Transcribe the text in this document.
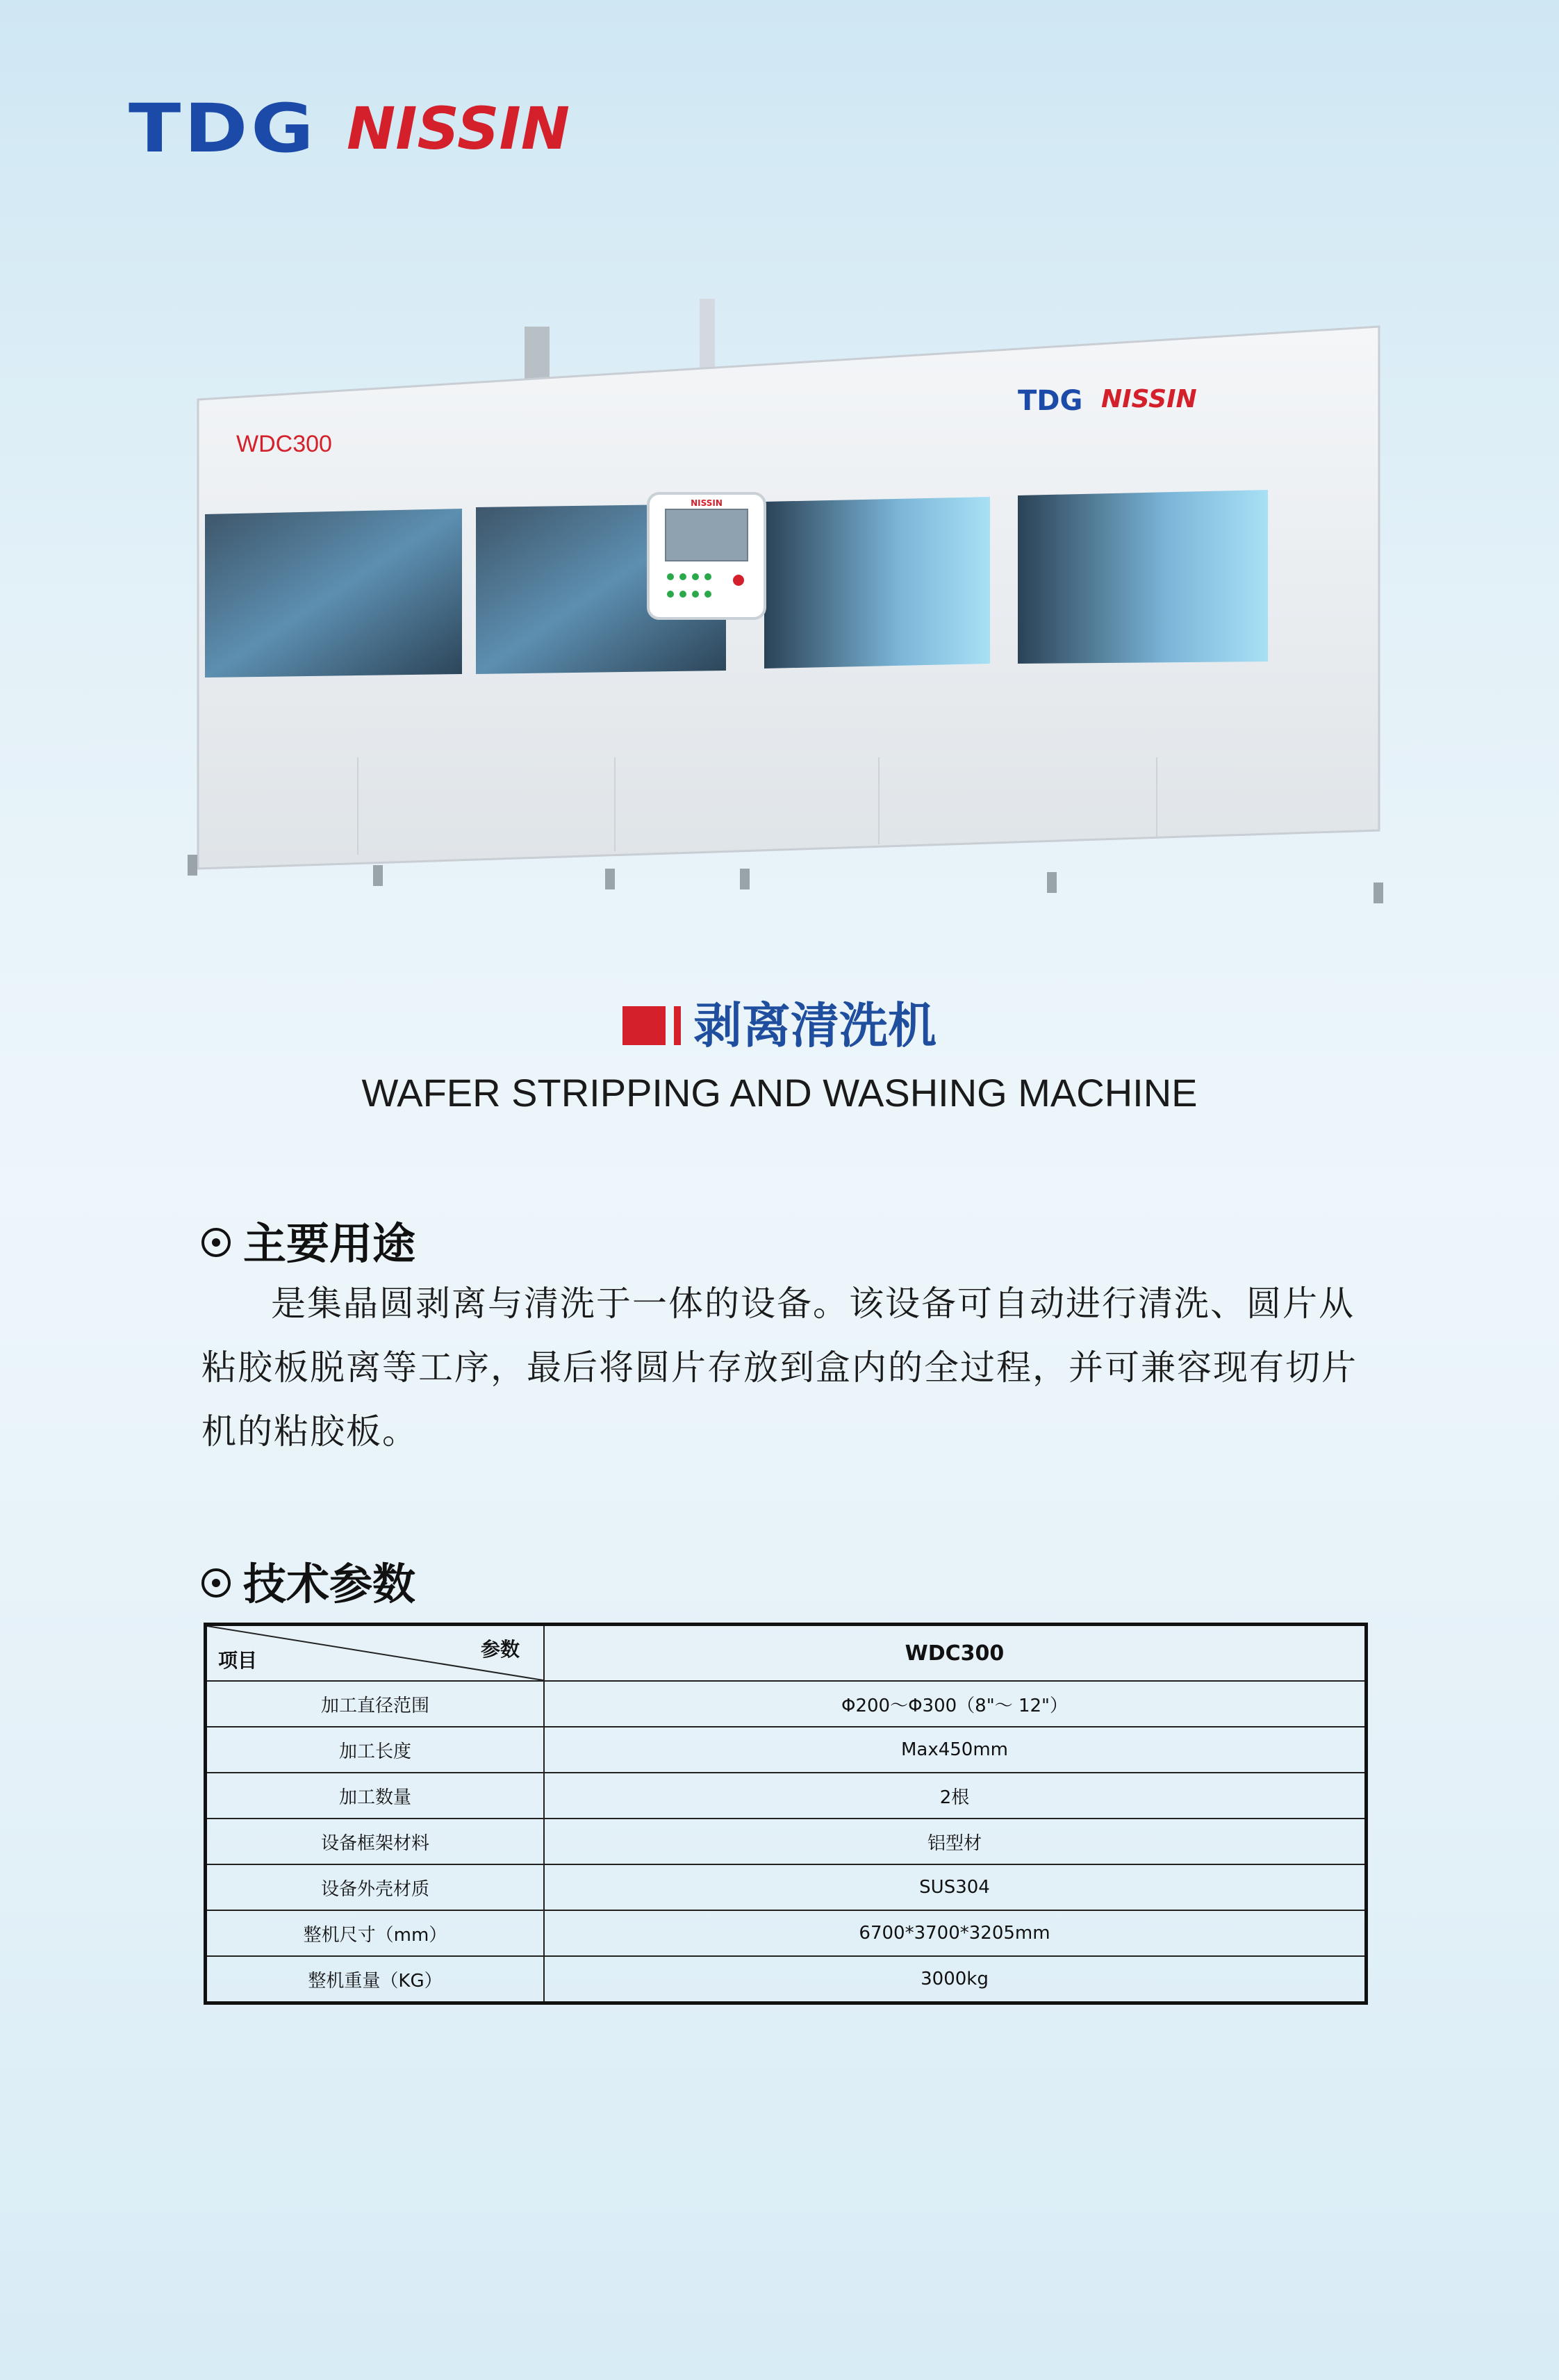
TDG NISSIN
NISSIN
WDC300
TDG NISSIN
剥离清洗机
WAFER STRIPPING AND WASHING MACHINE
主要用途
是集晶圆剥离与清洗于一体的设备。该设备可自动进行清洗、圆片从粘胶板脱离等工序，最后将圆片存放到盒内的全过程，并可兼容现有切片机的粘胶板。
技术参数
项目 参数	WDC300
加工直径范围	Φ200～Φ300（8"～ 12"）
加工长度	Max450mm
加工数量	2根
设备框架材料	铝型材
设备外壳材质	SUS304
整机尺寸（mm）	6700*3700*3205mm
整机重量（KG）	3000kg
